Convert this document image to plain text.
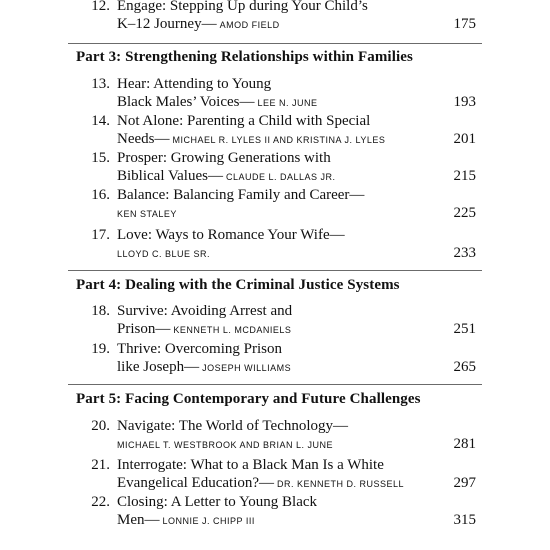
12. Engage: Stepping Up during Your Child’s
K–12 Journey— AMOD FIELD	175
Part 3: Strengthening Relationships within Families
13. Hear: Attending to Young
Black Males’ Voices— LEE N. JUNE	193
14. Not Alone: Parenting a Child with Special
Needs— MICHAEL R. LYLES II AND KRISTINA J. LYLES	201
15. Prosper: Growing Generations with
Biblical Values— CLAUDE L. DALLAS JR.	215
16. Balance: Balancing Family and Career—
KEN STALEY	225
17. Love: Ways to Romance Your Wife—
LLOYD C. BLUE SR.	233
Part 4: Dealing with the Criminal Justice Systems
18. Survive: Avoiding Arrest and
Prison— KENNETH L. MCDANIELS	251
19. Thrive: Overcoming Prison
like Joseph— JOSEPH WILLIAMS	265
Part 5: Facing Contemporary and Future Challenges
20. Navigate: The World of Technology—
MICHAEL T. WESTBROOK AND BRIAN L. JUNE	281
21. Interrogate: What to a Black Man Is a White
Evangelical Education?— DR. KENNETH D. RUSSELL	297
22. Closing: A Letter to Young Black
Men— LONNIE J. CHIPP III	315
